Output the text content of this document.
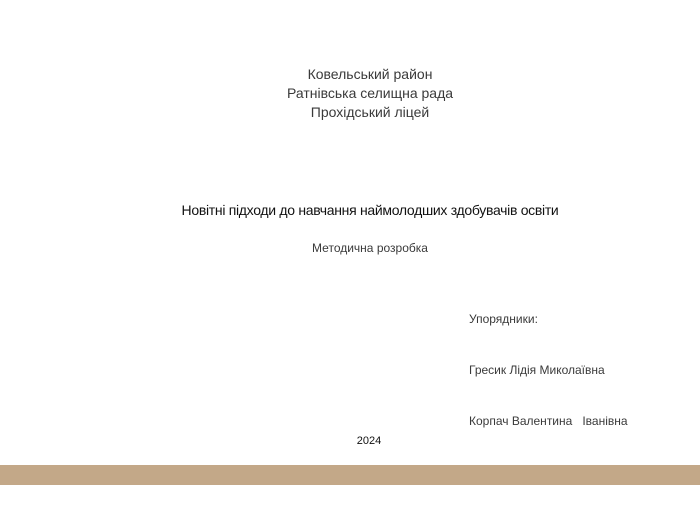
Ковельський район
Ратнівська селищна рада
Прохідський ліцей
Новітні підходи до навчання наймолодших здобувачів освіти
Методична розробка

Упорядники:

Гресик Лідія Миколаївна

Корпач Валентина   Іванівна

2024
